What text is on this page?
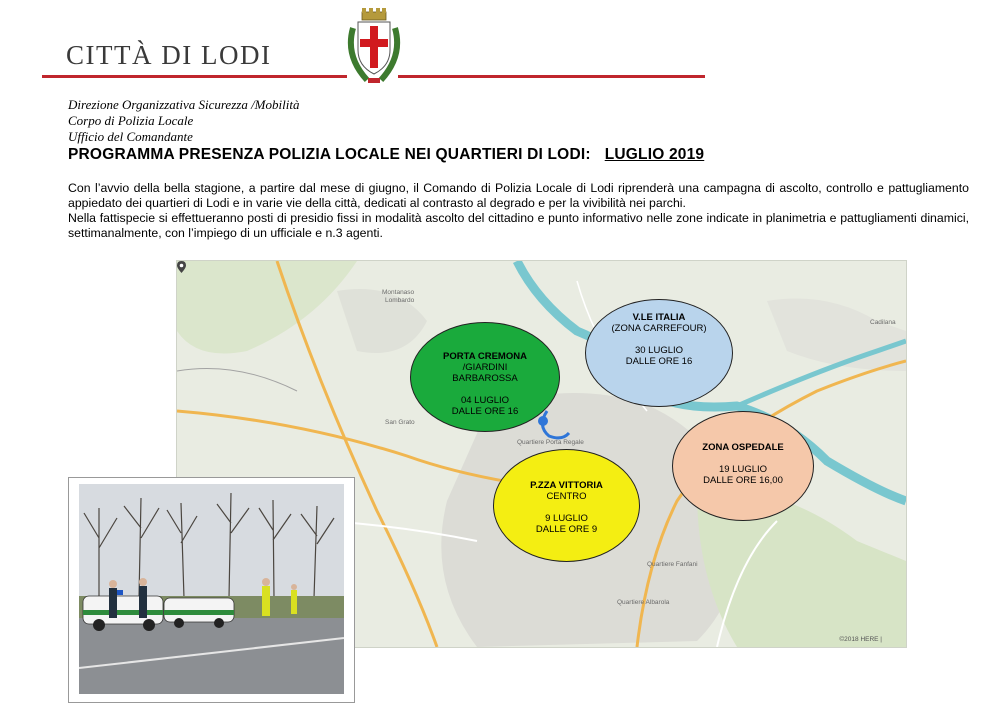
CITTÀ DI LODI
Direzione Organizzativa Sicurezza /Mobilità
Corpo di Polizia Locale
Ufficio del Comandante
PROGRAMMA PRESENZA POLIZIA LOCALE NEI QUARTIERI DI LODI: LUGLIO 2019
Con l’avvio della bella stagione, a partire dal mese di giugno, il Comando di Polizia Locale di Lodi riprenderà una campagna di ascolto, controllo e pattugliamento appiedato dei quartieri di Lodi e in varie vie della città, dedicati al contrasto al degrado e per la vivibilità nei parchi.
Nella fattispecie si effettueranno posti di presidio fissi in modalità ascolto del cittadino e punto informativo nelle zone indicate in planimetria e pattugliamenti dinamici, settimanalmente, con l’impiego di un ufficiale e n.3 agenti.
Montanaso
Lombardo
Cadilana
San Grato
Quartiere Fanfani
Quartiere Albarola
Quartiere Porta Regale
©2018 HERE |
PORTA CREMONA
/GIARDINI
BARBAROSSA
04 LUGLIO
DALLE ORE 16
V.LE ITALIA
(ZONA CARREFOUR)
30 LUGLIO
DALLE ORE 16
ZONA OSPEDALE
19 LUGLIO
DALLE ORE 16,00
P.ZZA VITTORIA
CENTRO
9 LUGLIO
DALLE ORE 9
